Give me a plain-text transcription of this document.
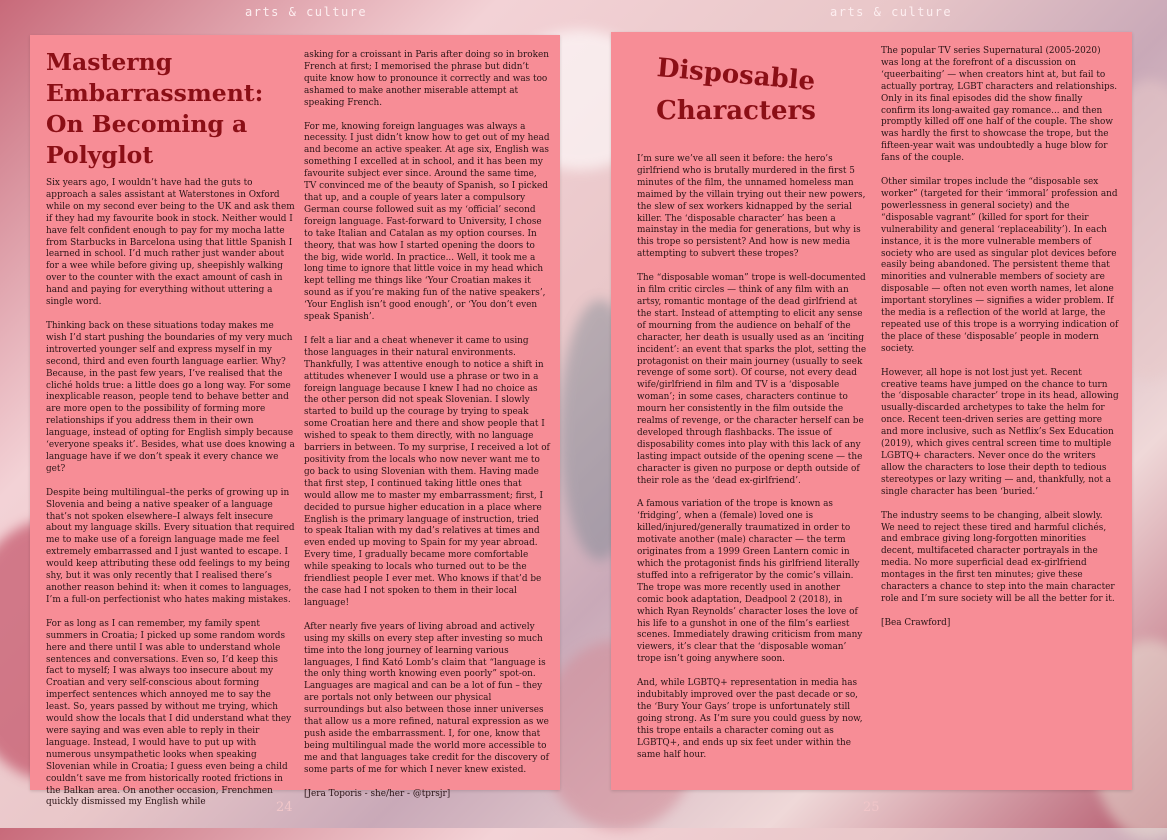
arts & culture	arts & culture
Masterng Embarrassment: On Becoming a Polyglot

Six years ago, I wouldn’t have had the guts to approach a sales assistant at Waterstones in Oxford while on my second ever being to the UK and ask them if they had my favourite book in stock. Neither would I have felt confident enough to pay for my mocha latte from Starbucks in Barcelona using that little Spanish I learned in school. I’d much rather just wander about for a wee while before giving up, sheepishly walking over to the counter with the exact amount of cash in hand and paying for everything without uttering a single word.

Thinking back on these situations today makes me wish I’d start pushing the boundaries of my very much introverted younger self and express myself in my second, third and even fourth language earlier. Why? Because, in the past few years, I’ve realised that the cliché holds true: a little does go a long way. For some inexplicable reason, people tend to behave better and are more open to the possibility of forming more relationships if you address them in their own language, instead of opting for English simply because ‘everyone speaks it’. Besides, what use does knowing a language have if we don’t speak it every chance we get?

Despite being multilingual–the perks of growing up in Slovenia and being a native speaker of a language that’s not spoken elsewhere–I always felt insecure about my language skills. Every situation that required me to make use of a foreign language made me feel extremely embarrassed and I just wanted to escape. I would keep attributing these odd feelings to my being shy, but it was only recently that I realised there’s another reason behind it: when it comes to languages, I’m a full-on perfectionist who hates making mistakes.

For as long as I can remember, my family spent summers in Croatia; I picked up some random words here and there until I was able to understand whole sentences and conversations. Even so, I’d keep this fact to myself; I was always too insecure about my Croatian and very self-conscious about forming imperfect sentences which annoyed me to say the least. So, years passed by without me trying, which would show the locals that I did understand what they were saying and was even able to reply in their language. Instead, I would have to put up with numerous unsympathetic looks when speaking Slovenian while in Croatia; I guess even being a child couldn’t save me from historically rooted frictions in the Balkan area. On another occasion, Frenchmen quickly dismissed my English while

asking for a croissant in Paris after doing so in broken French at first; I memorised the phrase but didn’t quite know how to pronounce it correctly and was too ashamed to make another miserable attempt at speaking French.

For me, knowing foreign languages was always a necessity. I just didn’t know how to get out of my head and become an active speaker. At age six, English was something I excelled at in school, and it has been my favourite subject ever since. Around the same time, TV convinced me of the beauty of Spanish, so I picked that up, and a couple of years later a compulsory German course followed suit as my ‘official’ second foreign language. Fast-forward to University, I chose to take Italian and Catalan as my option courses. In theory, that was how I started opening the doors to the big, wide world. In practice... Well, it took me a long time to ignore that little voice in my head which kept telling me things like ‘Your Croatian makes it sound as if you’re making fun of the native speakers’, ‘Your English isn’t good enough’, or ‘You don’t even speak Spanish’.

I felt a liar and a cheat whenever it came to using those languages in their natural environments. Thankfully, I was attentive enough to notice a shift in attitudes whenever I would use a phrase or two in a foreign language because I knew I had no choice as the other person did not speak Slovenian. I slowly started to build up the courage by trying to speak some Croatian here and there and show people that I wished to speak to them directly, with no language barriers in between. To my surprise, I received a lot of positivity from the locals who now never want me to go back to using Slovenian with them. Having made that first step, I continued taking little ones that would allow me to master my embarrassment; first, I decided to pursue higher education in a place where English is the primary language of instruction, tried to speak Italian with my dad’s relatives at times and even ended up moving to Spain for my year abroad. Every time, I gradually became more comfortable while speaking to locals who turned out to be the friendliest people I ever met. Who knows if that’d be the case had I not spoken to them in their local language!

After nearly five years of living abroad and actively using my skills on every step after investing so much time into the long journey of learning various languages, I find Kató Lomb’s claim that “language is the only thing worth knowing even poorly” spot-on. Languages are magical and can be a lot of fun – they are portals not only between our physical surroundings but also between those inner universes that allow us a more refined, natural expression as we push aside the embarrassment. I, for one, know that being multilingual made the world more accessible to me and that languages take credit for the discovery of some parts of me for which I never knew existed.

[Jera Toporis - she/her - @tprsjr]

Disposable
Characters

I’m sure we’ve all seen it before: the hero’s girlfriend who is brutally murdered in the first 5 minutes of the film, the unnamed homeless man maimed by the villain trying out their new powers, the slew of sex workers kidnapped by the serial killer. The ‘disposable character’ has been a mainstay in the media for generations, but why is this trope so persistent? And how is new media attempting to subvert these tropes?

The “disposable woman” trope is well-documented in film critic circles — think of any film with an artsy, romantic montage of the dead girlfriend at the start. Instead of attempting to elicit any sense of mourning from the audience on behalf of the character, her death is usually used as an ‘inciting incident’: an event that sparks the plot, setting the protagonist on their main journey (usually to seek revenge of some sort). Of course, not every dead wife/girlfriend in film and TV is a ‘disposable woman’; in some cases, characters continue to mourn her consistently in the film outside the realms of revenge, or the character herself can be developed through flashbacks. The issue of disposability comes into play with this lack of any lasting impact outside of the opening scene — the character is given no purpose or depth outside of their role as the ‘dead ex-girlfriend’.

A famous variation of the trope is known as ‘fridging’, when a (female) loved one is killed/injured/generally traumatized in order to motivate another (male) character — the term originates from a 1999 Green Lantern comic in which the protagonist finds his girlfriend literally stuffed into a refrigerator by the comic’s villain. The trope was more recently used in another comic book adaptation, Deadpool 2 (2018), in which Ryan Reynolds’ character loses the love of his life to a gunshot in one of the film’s earliest scenes. Immediately drawing criticism from many viewers, it’s clear that the ‘disposable woman’ trope isn’t going anywhere soon.

And, while LGBTQ+ representation in media has indubitably improved over the past decade or so, the ‘Bury Your Gays’ trope is unfortunately still going strong. As I’m sure you could guess by now, this trope entails a character coming out as LGBTQ+, and ends up six feet under within the same half hour.

The popular TV series Supernatural (2005-2020) was long at the forefront of a discussion on ‘queerbaiting’ — when creators hint at, but fail to actually portray, LGBT characters and relationships. Only in its final episodes did the show finally confirm its long-awaited gay romance... and then promptly killed off one half of the couple. The show was hardly the first to showcase the trope, but the fifteen-year wait was undoubtedly a huge blow for fans of the couple.

Other similar tropes include the “disposable sex worker” (targeted for their ‘immoral’ profession and powerlessness in general society) and the “disposable vagrant” (killed for sport for their vulnerability and general ‘replaceability’). In each instance, it is the more vulnerable members of society who are used as singular plot devices before easily being abandoned. The persistent theme that minorities and vulnerable members of society are disposable — often not even worth names, let alone important storylines — signifies a wider problem. If the media is a reflection of the world at large, the repeated use of this trope is a worrying indication of the place of these ‘disposable’ people in modern society.

However, all hope is not lost just yet. Recent creative teams have jumped on the chance to turn the ‘disposable character’ trope in its head, allowing usually-discarded archetypes to take the helm for once. Recent teen-driven series are getting more and more inclusive, such as Netflix’s Sex Education (2019), which gives central screen time to multiple LGBTQ+ characters. Never once do the writers allow the characters to lose their depth to tedious stereotypes or lazy writing — and, thankfully, not a single character has been ‘buried.’

The industry seems to be changing, albeit slowly. We need to reject these tired and harmful clichés, and embrace giving long-forgotten minorities decent, multifaceted character portrayals in the media. No more superficial dead ex-girlfriend montages in the first ten minutes; give these characters a chance to step into the main character role and I’m sure society will be all the better for it.

[Bea Crawford]

24	25
